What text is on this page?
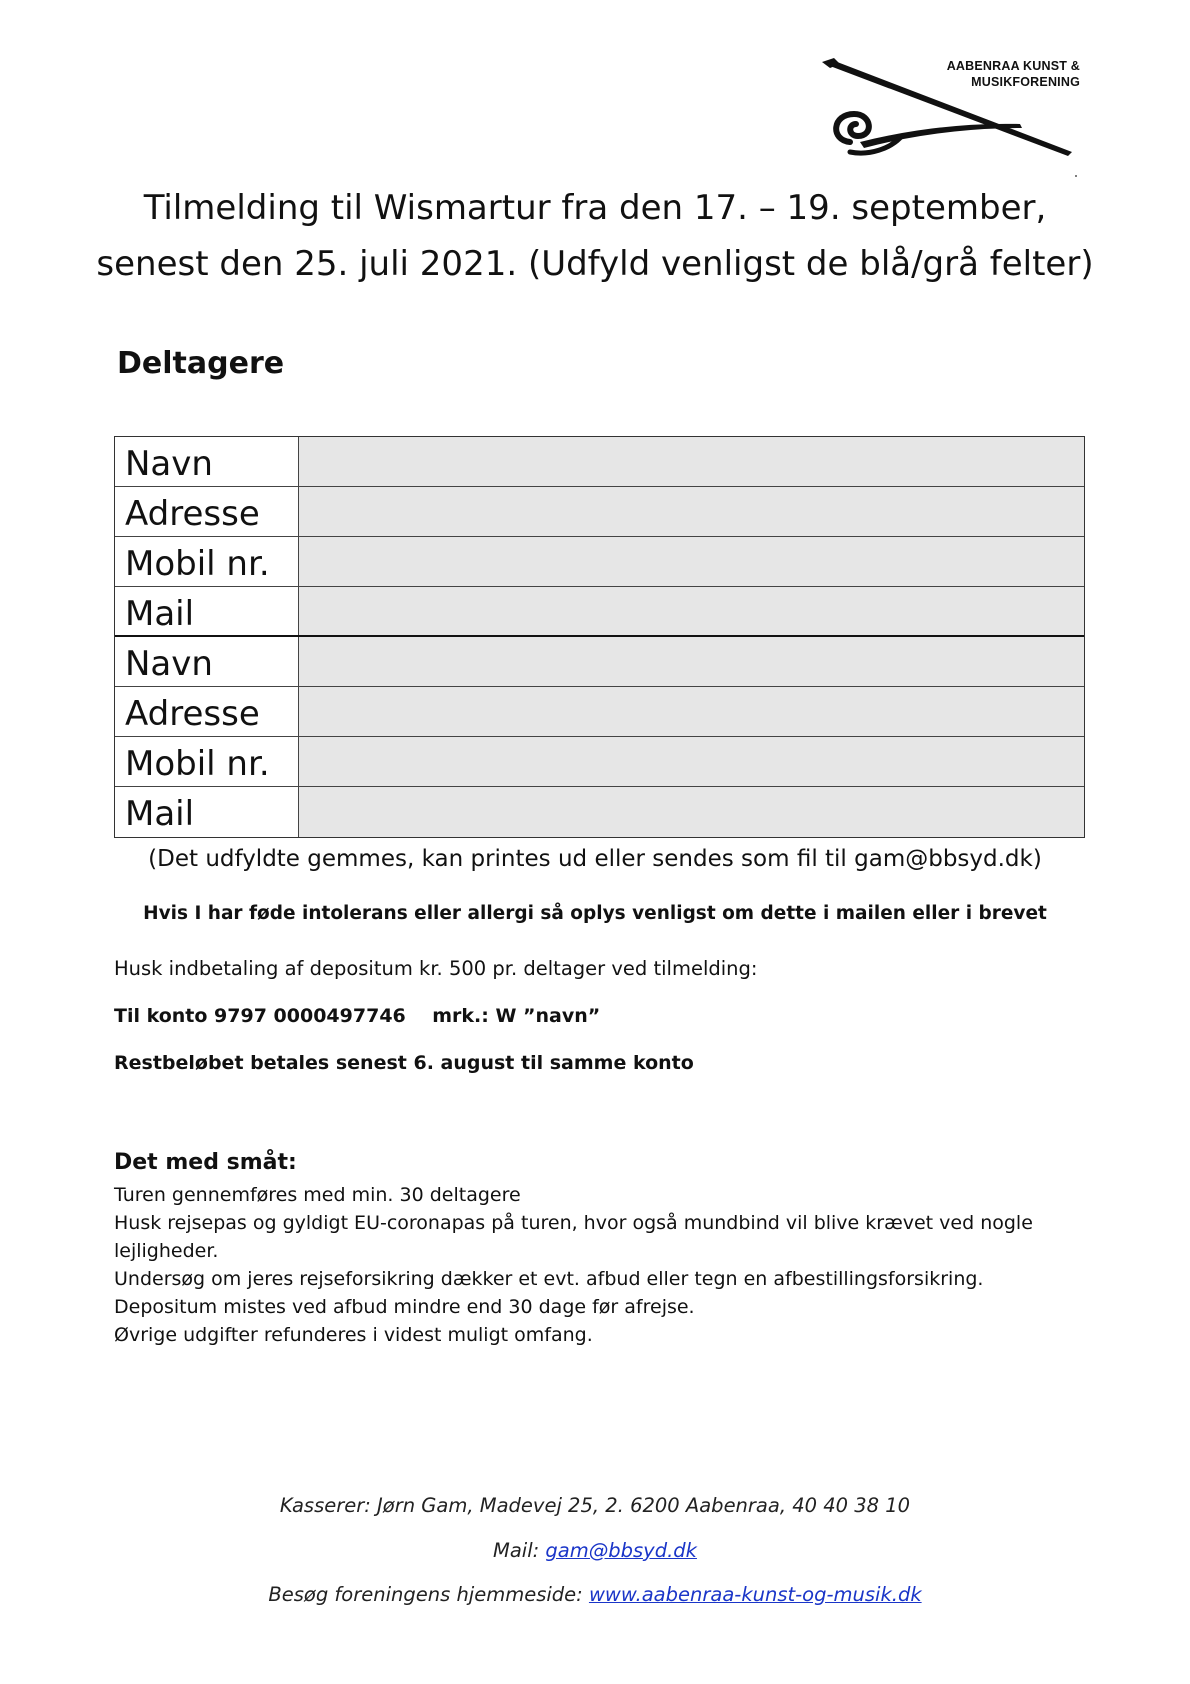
AABENRAA KUNST &
MUSIKFORENING
Tilmelding til Wismartur fra den 17. – 19. september,
senest den 25. juli 2021. (Udfyld venligst de blå/grå felter)
Deltagere
Navn
Adresse
Mobil nr.
Mail
Navn
Adresse
Mobil nr.
Mail
(Det udfyldte gemmes, kan printes ud eller sendes som fil til gam@bbsyd.dk)
Hvis I har føde intolerans eller allergi så oplys venligst om dette i mailen eller i brevet
Husk indbetaling af depositum kr. 500 pr. deltager ved tilmelding:
Til konto 9797 0000497746    mrk.: W ”navn”
Restbeløbet betales senest 6. august til samme konto
Det med småt:
Turen gennemføres med min. 30 deltagere
Husk rejsepas og gyldigt EU-coronapas på turen, hvor også mundbind vil blive krævet ved nogle lejligheder.
Undersøg om jeres rejseforsikring dækker et evt. afbud eller tegn en afbestillingsforsikring.
Depositum mistes ved afbud mindre end 30 dage før afrejse.
Øvrige udgifter refunderes i videst muligt omfang.
Kasserer: Jørn Gam, Madevej 25, 2. 6200 Aabenraa, 40 40 38 10
Mail: gam@bbsyd.dk
Besøg foreningens hjemmeside: www.aabenraa-kunst-og-musik.dk
